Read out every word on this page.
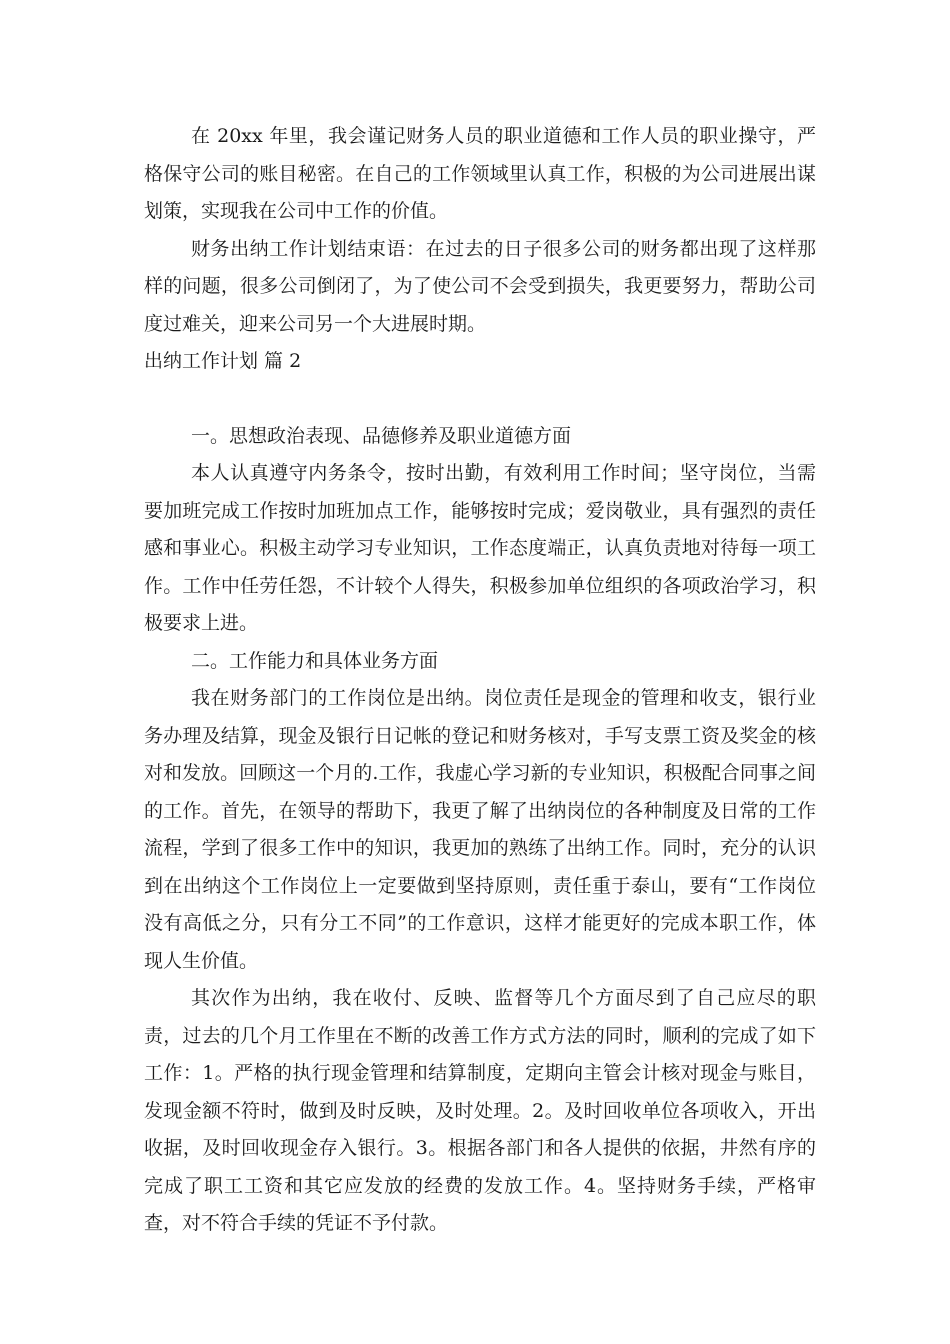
在 20xx 年里，我会谨记财务人员的职业道德和工作人员的职业操守，严格保守公司的账目秘密。在自己的工作领域里认真工作，积极的为公司进展出谋划策，实现我在公司中工作的价值。

财务出纳工作计划结束语：在过去的日子很多公司的财务都出现了这样那样的问题，很多公司倒闭了，为了使公司不会受到损失，我更要努力，帮助公司度过难关，迎来公司另一个大进展时期。

出纳工作计划 篇 2

一。思想政治表现、品德修养及职业道德方面

本人认真遵守内务条令，按时出勤，有效利用工作时间；坚守岗位，当需要加班完成工作按时加班加点工作，能够按时完成；爱岗敬业，具有强烈的责任感和事业心。积极主动学习专业知识，工作态度端正，认真负责地对待每一项工作。工作中任劳任怨，不计较个人得失，积极参加单位组织的各项政治学习，积极要求上进。

二。工作能力和具体业务方面

我在财务部门的工作岗位是出纳。岗位责任是现金的管理和收支，银行业务办理及结算，现金及银行日记帐的登记和财务核对，手写支票工资及奖金的核对和发放。回顾这一个月的.工作，我虚心学习新的专业知识，积极配合同事之间的工作。首先，在领导的帮助下，我更了解了出纳岗位的各种制度及日常的工作流程，学到了很多工作中的知识，我更加的熟练了出纳工作。同时，充分的认识到在出纳这个工作岗位上一定要做到坚持原则，责任重于泰山，要有“工作岗位没有高低之分，只有分工不同”的工作意识，这样才能更好的完成本职工作，体现人生价值。

其次作为出纳，我在收付、反映、监督等几个方面尽到了自己应尽的职责，过去的几个月工作里在不断的改善工作方式方法的同时，顺利的完成了如下工作：1。严格的执行现金管理和结算制度，定期向主管会计核对现金与账目，发现金额不符时，做到及时反映，及时处理。2。及时回收单位各项收入，开出收据，及时回收现金存入银行。3。根据各部门和各人提供的依据，井然有序的完成了职工工资和其它应发放的经费的发放工作。4。坚持财务手续，严格审查，对不符合手续的凭证不予付款。
